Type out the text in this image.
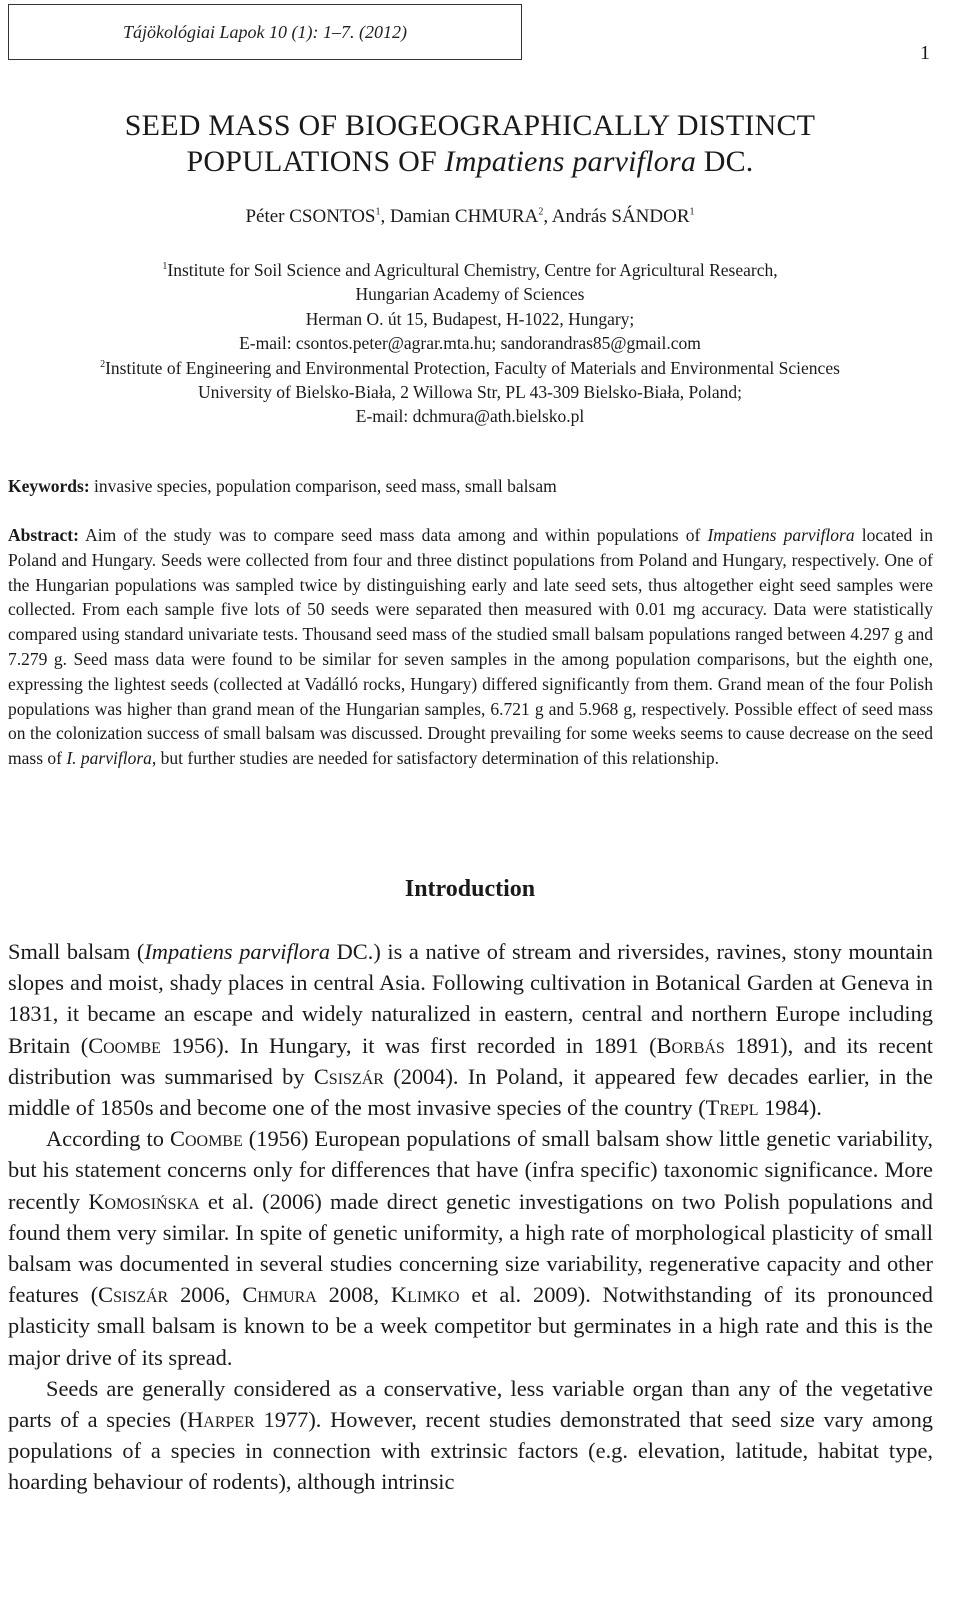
Tájökológiai Lapok 10 (1): 1–7. (2012)
1
SEED MASS OF BIOGEOGRAPHICALLY DISTINCT
POPULATIONS OF Impatiens parviflora DC.
Péter CSONTOS$^1$, Damian CHMURA$^2$, András SÁNDOR$^1$
$^1$Institute for Soil Science and Agricultural Chemistry, Centre for Agricultural Research,
Hungarian Academy of Sciences
Herman O. út 15, Budapest, H-1022, Hungary;
E-mail: csontos.peter@agrar.mta.hu; sandorandras85@gmail.com
$^2$Institute of Engineering and Environmental Protection, Faculty of Materials and Environmental Sciences
University of Bielsko-Biała, 2 Willowa Str, PL 43-309 Bielsko-Biała, Poland;
E-mail: dchmura@ath.bielsko.pl
Keywords: invasive species, population comparison, seed mass, small balsam
Abstract: Aim of the study was to compare seed mass data among and within populations of Impatiens parviflora located in Poland and Hungary. Seeds were collected from four and three distinct populations from Poland and Hungary, respectively. One of the Hungarian populations was sampled twice by distinguishing early and late seed sets, thus altogether eight seed samples were collected. From each sample five lots of 50 seeds were separated then measured with 0.01 mg accuracy. Data were statistically compared using standard univariate tests. Thousand seed mass of the studied small balsam populations ranged between 4.297 g and 7.279 g. Seed mass data were found to be similar for seven samples in the among population comparisons, but the eighth one, expressing the lightest seeds (collected at Vadálló rocks, Hungary) differed significantly from them. Grand mean of the four Polish populations was higher than grand mean of the Hungarian samples, 6.721 g and 5.968 g, respectively. Possible effect of seed mass on the colonization success of small balsam was discussed. Drought prevailing for some weeks seems to cause decrease on the seed mass of I. parviflora, but further studies are needed for satisfactory determination of this relationship.
Introduction

Small balsam (Impatiens parviflora DC.) is a native of stream and riversides, ravines, stony mountain slopes and moist, shady places in central Asia. Following cultivation in Botanical Garden at Geneva in 1831, it became an escape and widely naturalized in eastern, central and northern Europe including Britain (Coombe 1956). In Hungary, it was first recorded in 1891 (Borbás 1891), and its recent distribution was summarised by Csiszár (2004). In Poland, it appeared few decades earlier, in the middle of 1850s and become one of the most invasive species of the country (Trepl 1984).

According to Coombe (1956) European populations of small balsam show little genetic variability, but his statement concerns only for differences that have (infra specific) taxonomic significance. More recently Komosińska et al. (2006) made direct genetic investigations on two Polish populations and found them very similar. In spite of genetic uniformity, a high rate of morphological plasticity of small balsam was documented in several studies concerning size variability, regenerative capacity and other features (Csiszár 2006, Chmura 2008, Klimko et al. 2009). Notwithstanding of its pronounced plasticity small balsam is known to be a week competitor but germinates in a high rate and this is the major drive of its spread.

Seeds are generally considered as a conservative, less variable organ than any of the vegetative parts of a species (Harper 1977). However, recent studies demonstrated that seed size vary among populations of a species in connection with extrinsic factors (e.g. elevation, latitude, habitat type, hoarding behaviour of rodents), although intrinsic
